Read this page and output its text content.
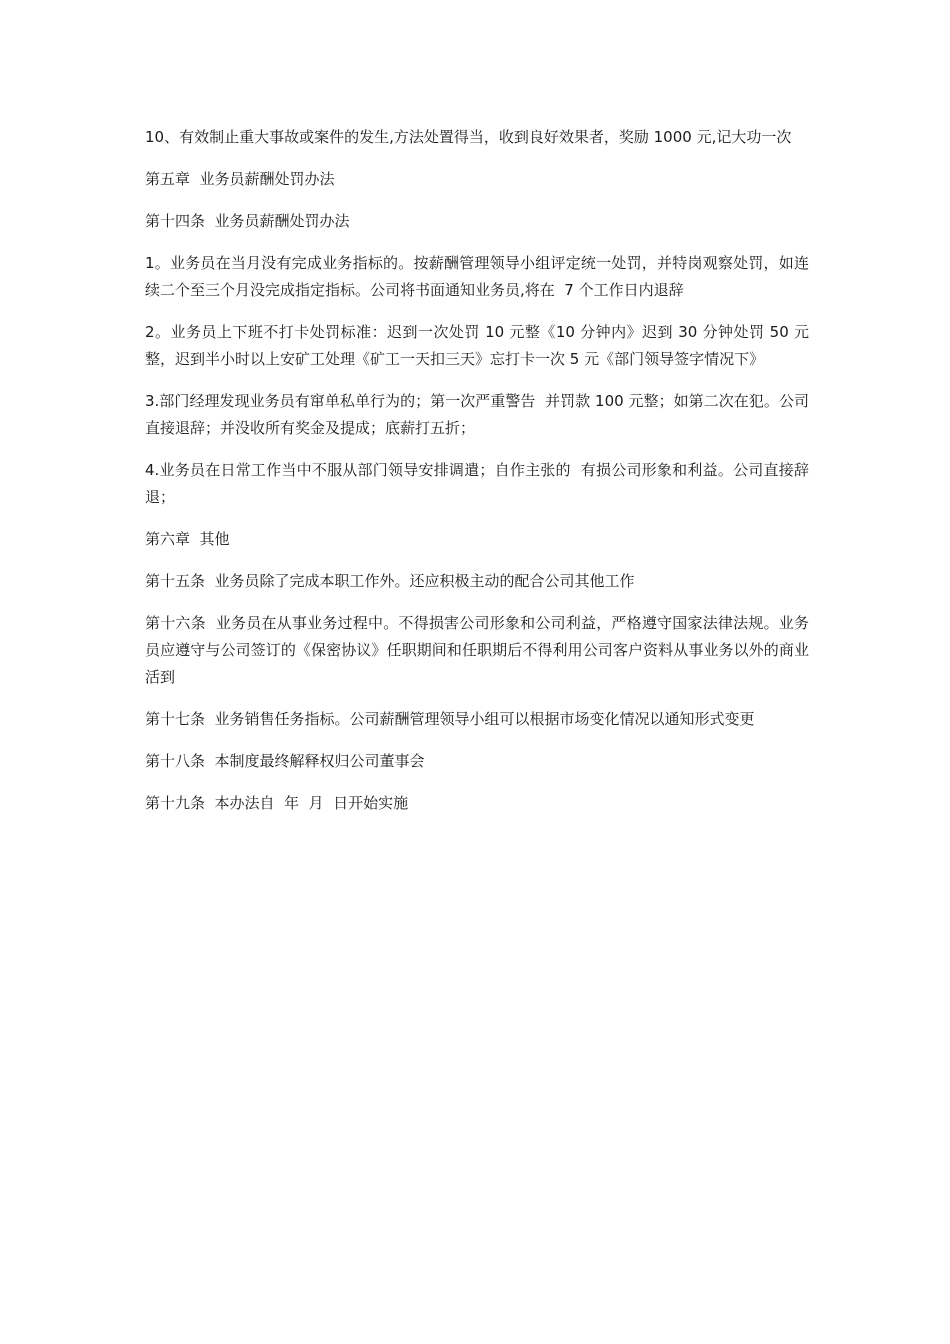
10、有效制止重大事故或案件的发生,方法处置得当，收到良好效果者，奖励 1000 元,记大功一次

第五章  业务员薪酬处罚办法

第十四条  业务员薪酬处罚办法

1。业务员在当月没有完成业务指标的。按薪酬管理领导小组评定统一处罚，并特岗观察处罚，如连续二个至三个月没完成指定指标。公司将书面通知业务员,将在  7 个工作日内退辞

2。业务员上下班不打卡处罚标准：迟到一次处罚 10 元整《10 分钟内》迟到 30 分钟处罚 50 元整，迟到半小时以上安矿工处理《矿工一天扣三天》忘打卡一次 5 元《部门领导签字情况下》

3.部门经理发现业务员有窜单私单行为的；第一次严重警告  并罚款 100 元整；如第二次在犯。公司直接退辞；并没收所有奖金及提成；底薪打五折；

4.业务员在日常工作当中不服从部门领导安排调遣；自作主张的  有损公司形象和利益。公司直接辞退；

第六章  其他

第十五条  业务员除了完成本职工作外。还应积极主动的配合公司其他工作

第十六条  业务员在从事业务过程中。不得损害公司形象和公司利益，严格遵守国家法律法规。业务员应遵守与公司签订的《保密协议》任职期间和任职期后不得利用公司客户资料从事业务以外的商业活到

第十七条  业务销售任务指标。公司薪酬管理领导小组可以根据市场变化情况以通知形式变更

第十八条  本制度最终解释权归公司董事会

第十九条  本办法自  年  月  日开始实施
